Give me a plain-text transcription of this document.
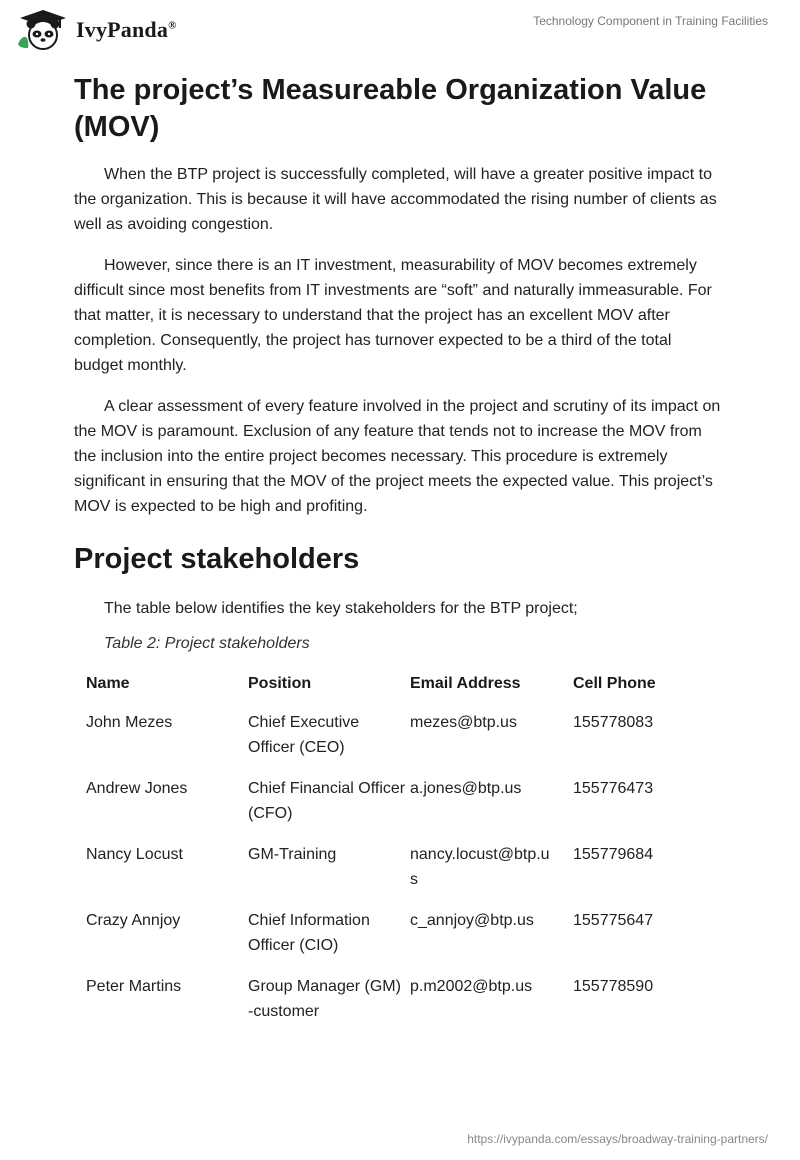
IvyPanda®	Technology Component in Training Facilities
The project’s Measureable Organization Value (MOV)

When the BTP project is successfully completed, will have a greater positive impact to the organization. This is because it will have accommodated the rising number of clients as well as avoiding congestion.

However, since there is an IT investment, measurability of MOV becomes extremely difficult since most benefits from IT investments are “soft” and naturally immeasurable. For that matter, it is necessary to understand that the project has an excellent MOV after completion. Consequently, the project has turnover expected to be a third of the total budget monthly.

A clear assessment of every feature involved in the project and scrutiny of its impact on the MOV is paramount. Exclusion of any feature that tends not to increase the MOV from the inclusion into the entire project becomes necessary. This procedure is extremely significant in ensuring that the MOV of the project meets the expected value. This project’s MOV is expected to be high and profiting.

Project stakeholders

The table below identifies the key stakeholders for the BTP project;

Table 2: Project stakeholders
Name	Position	Email Address	Cell Phone
John Mezes	Chief Executive Officer (CEO)	mezes@btp.us	155778083
Andrew Jones	Chief Financial Officer (CFO)	a.jones@btp.us	155776473
Nancy Locust	GM-Training	nancy.locust@btp.us	155779684
Crazy Annjoy	Chief Information Officer (CIO)	c_annjoy@btp.us	155775647
Peter Martins	Group Manager (GM) -customer	p.m2002@btp.us	155778590
https://ivypanda.com/essays/broadway-training-partners/
